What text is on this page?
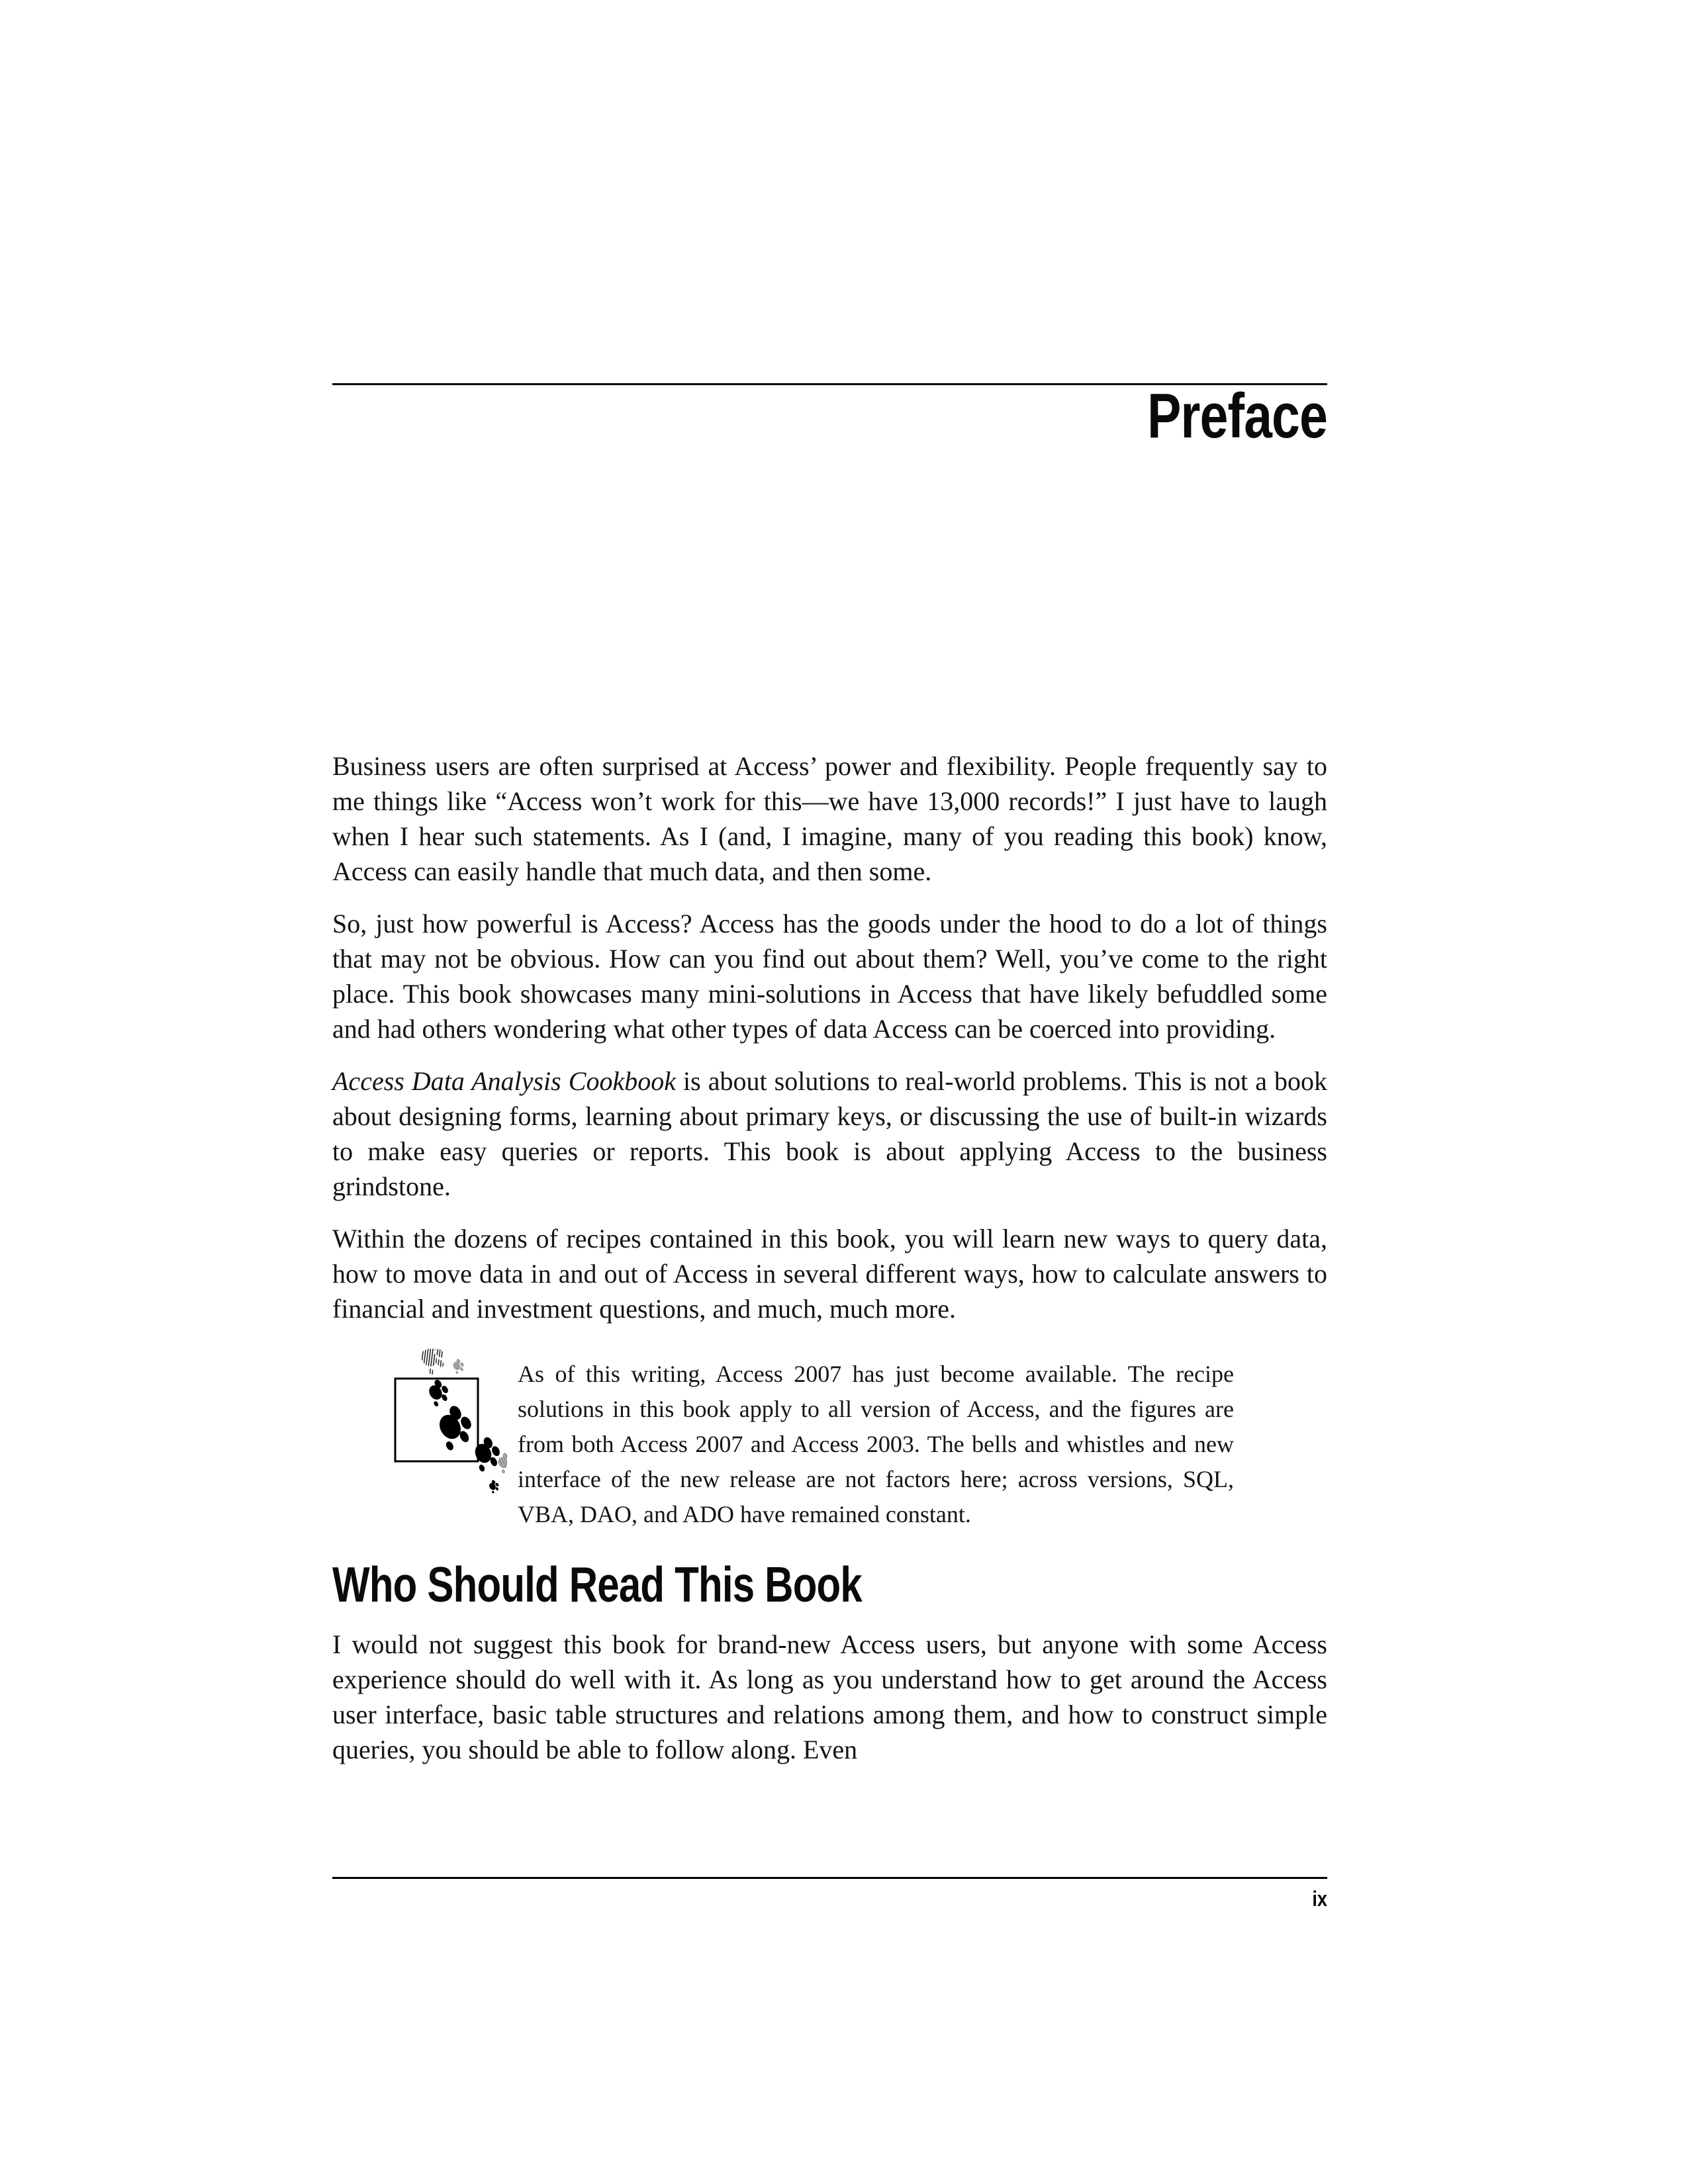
Preface

Business users are often surprised at Access’ power and flexibility. People frequently say to me things like “Access won’t work for this—we have 13,000 records!” I just have to laugh when I hear such statements. As I (and, I imagine, many of you reading this book) know, Access can easily handle that much data, and then some.

So, just how powerful is Access? Access has the goods under the hood to do a lot of things that may not be obvious. How can you find out about them? Well, you’ve come to the right place. This book showcases many mini-solutions in Access that have likely befuddled some and had others wondering what other types of data Access can be coerced into providing.

Access Data Analysis Cookbook is about solutions to real-world problems. This is not a book about designing forms, learning about primary keys, or discussing the use of built-in wizards to make easy queries or reports. This book is about applying Access to the business grindstone.

Within the dozens of recipes contained in this book, you will learn new ways to query data, how to move data in and out of Access in several different ways, how to calculate answers to financial and investment questions, and much, much more.

As of this writing, Access 2007 has just become available. The recipe solutions in this book apply to all version of Access, and the figures are from both Access 2007 and Access 2003. The bells and whistles and new interface of the new release are not factors here; across versions, SQL, VBA, DAO, and ADO have remained constant.
Who Should Read This Book

I would not suggest this book for brand-new Access users, but anyone with some Access experience should do well with it. As long as you understand how to get around the Access user interface, basic table structures and relations among them, and how to construct simple queries, you should be able to follow along. Even

ix
